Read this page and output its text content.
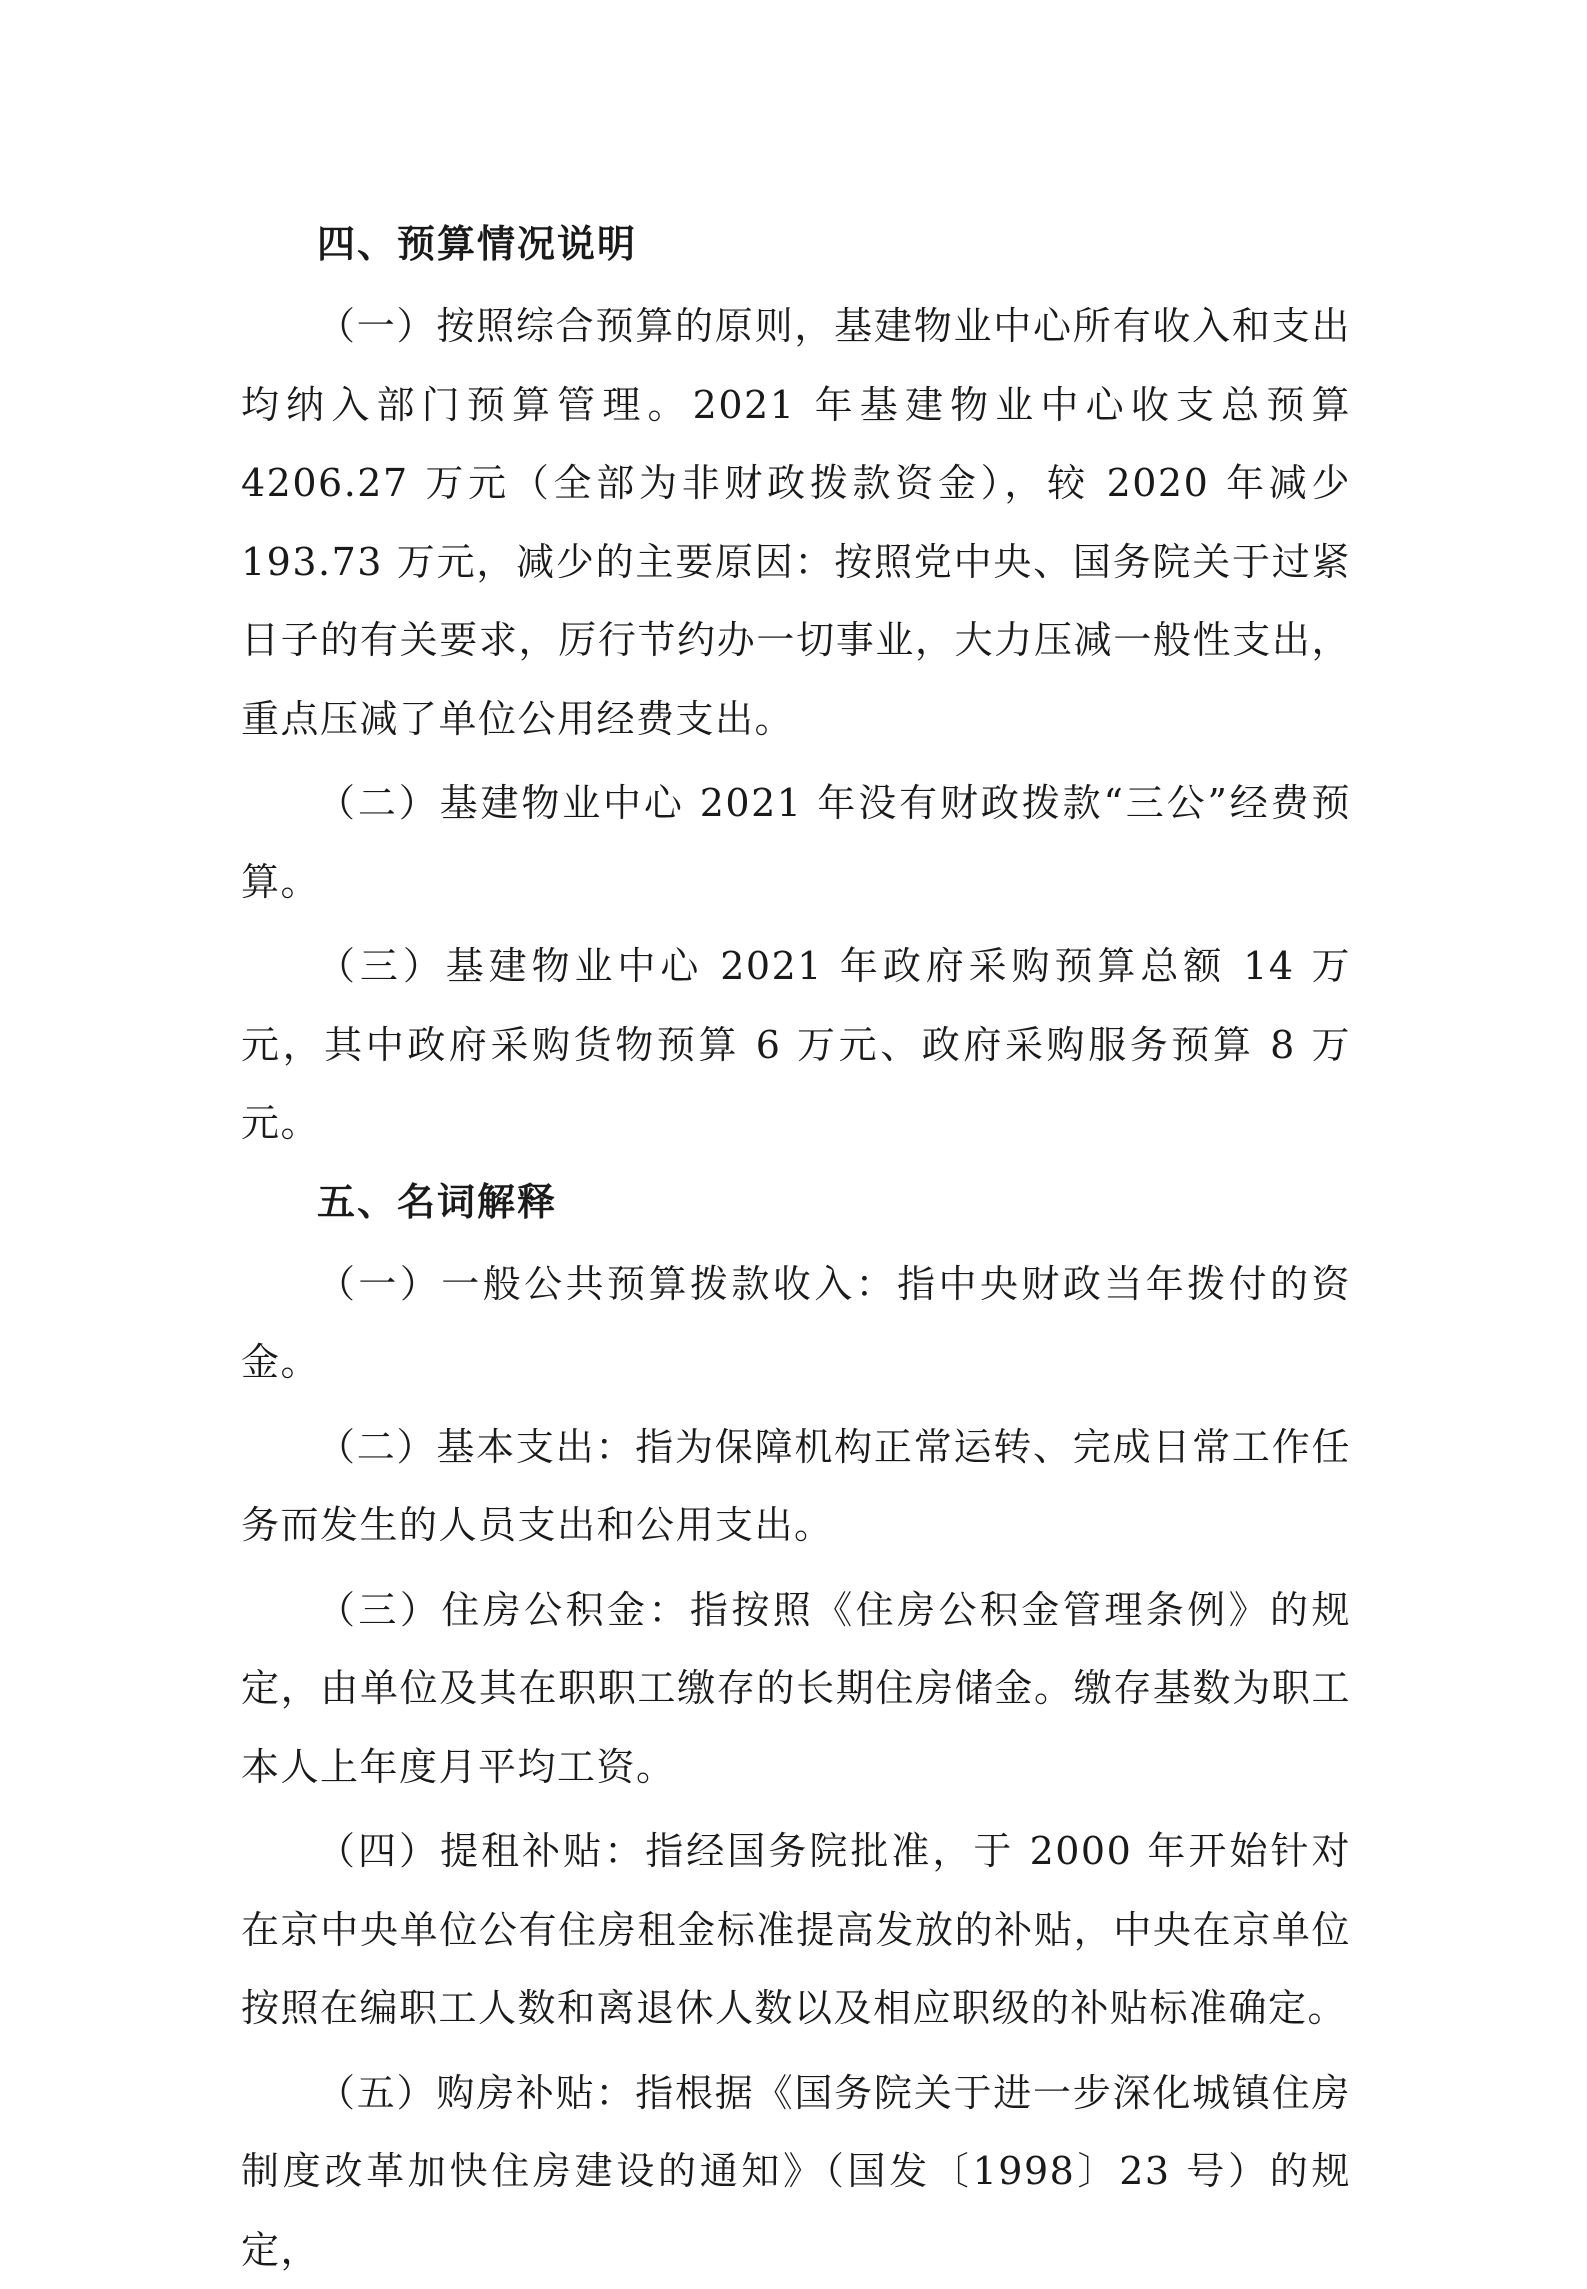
四、预算情况说明

（一）按照综合预算的原则，基建物业中心所有收入和支出均纳入部门预算管理。2021 年基建物业中心收支总预算 4206.27 万元（全部为非财政拨款资金），较 2020 年减少 193.73 万元，减少的主要原因：按照党中央、国务院关于过紧日子的有关要求，厉行节约办一切事业，大力压减一般性支出，重点压减了单位公用经费支出。

（二）基建物业中心 2021 年没有财政拨款“三公”经费预算。

（三）基建物业中心 2021 年政府采购预算总额 14 万元，其中政府采购货物预算 6 万元、政府采购服务预算 8 万元。

五、名词解释

（一）一般公共预算拨款收入：指中央财政当年拨付的资金。

（二）基本支出：指为保障机构正常运转、完成日常工作任务而发生的人员支出和公用支出。

（三）住房公积金：指按照《住房公积金管理条例》的规定，由单位及其在职职工缴存的长期住房储金。缴存基数为职工本人上年度月平均工资。

（四）提租补贴：指经国务院批准，于 2000 年开始针对在京中央单位公有住房租金标准提高发放的补贴，中央在京单位按照在编职工人数和离退休人数以及相应职级的补贴标准确定。

（五）购房补贴：指根据《国务院关于进一步深化城镇住房制度改革加快住房建设的通知》（国发〔1998〕23 号）的规定，
